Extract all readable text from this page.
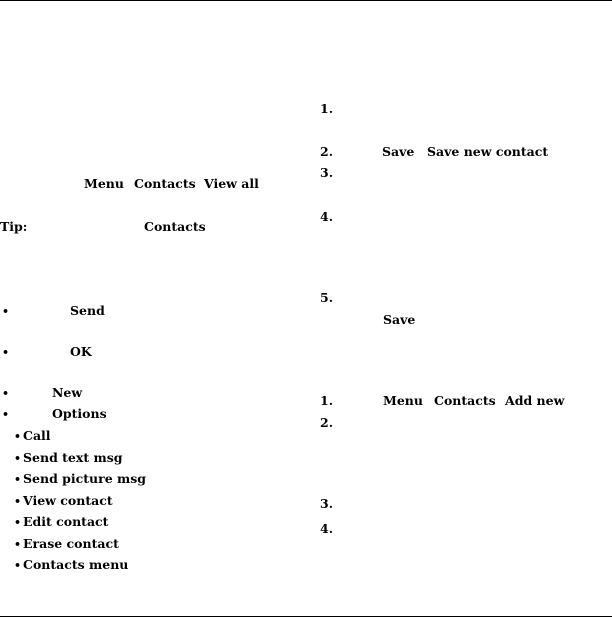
Menu Contacts View all
Tip:	Contacts
•	Send
•	OK
•	New
•	Options
• Call
• Send text msg
• Send picture msg
• View contact
• Edit contact
• Erase contact
• Contacts menu
1.
2.	Save Save new contact
3.
4.
5.
Save
1.	Menu Contacts Add new
2.
3.
4.
